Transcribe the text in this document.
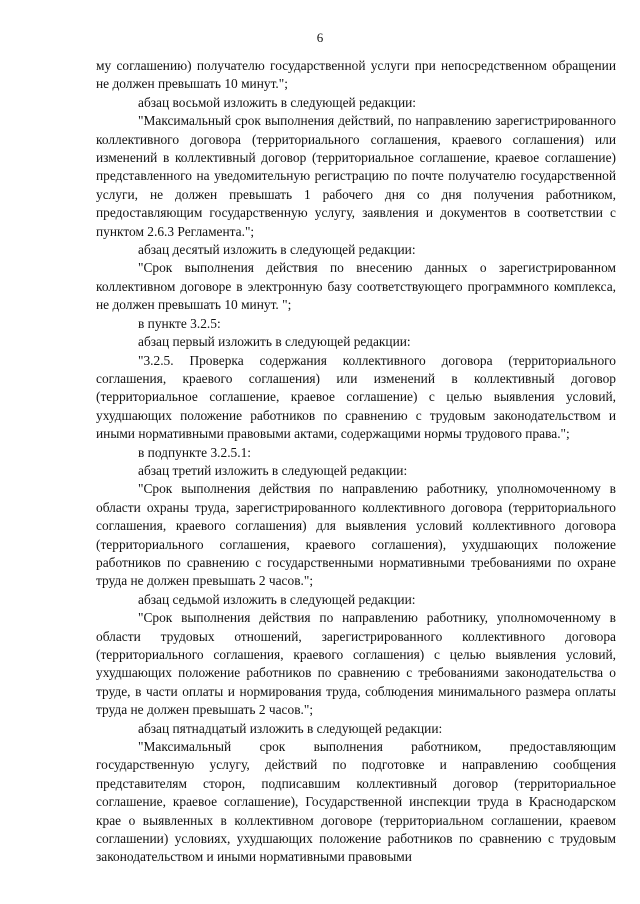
6

му соглашению) получателю государственной услуги при непосредственном обращении не должен превышать 10 минут.";

абзац восьмой изложить в следующей редакции:

"Максимальный срок выполнения действий, по направлению зарегистрированного коллективного договора (территориального соглашения, краевого соглашения) или изменений в коллективный договор (территориальное соглашение, краевое соглашение) представленного на уведомительную регистрацию по почте получателю государственной услуги, не должен превышать 1 рабочего дня со дня получения работником, предоставляющим государственную услугу, заявления и документов в соответствии с пунктом 2.6.3 Регламента.";

абзац десятый изложить в следующей редакции:

"Срок выполнения действия по внесению данных о зарегистрированном коллективном договоре в электронную базу соответствующего программного комплекса, не должен превышать 10 минут. ";

в пункте 3.2.5:

абзац первый изложить в следующей редакции:

"3.2.5. Проверка содержания коллективного договора (территориального соглашения, краевого соглашения) или изменений в коллективный договор (территориальное соглашение, краевое соглашение) с целью выявления условий, ухудшающих положение работников по сравнению с трудовым законодательством и иными нормативными правовыми актами, содержащими нормы трудового права.";

в подпункте 3.2.5.1:

абзац третий изложить в следующей редакции:

"Срок выполнения действия по направлению работнику, уполномоченному в области охраны труда, зарегистрированного коллективного договора (территориального соглашения, краевого соглашения) для выявления условий коллективного договора (территориального соглашения, краевого соглашения), ухудшающих положение работников по сравнению с государственными нормативными требованиями по охране труда не должен превышать 2 часов.";

абзац седьмой изложить в следующей редакции:

"Срок выполнения действия по направлению работнику, уполномоченному в области трудовых отношений, зарегистрированного коллективного договора (территориального соглашения, краевого соглашения) с целью выявления условий, ухудшающих положение работников по сравнению с требованиями законодательства о труде, в части оплаты и нормирования труда, соблюдения минимального размера оплаты труда не должен превышать 2 часов.";

абзац пятнадцатый изложить в следующей редакции:

"Максимальный срок выполнения работником, предоставляющим государственную услугу, действий по подготовке и направлению сообщения представителям сторон, подписавшим коллективный договор (территориальное соглашение, краевое соглашение), Государственной инспекции труда в Краснодарском крае о выявленных в коллективном договоре (территориальном соглашении, краевом соглашении) условиях, ухудшающих положение работников по сравнению с трудовым законодательством и иными нормативными правовыми
